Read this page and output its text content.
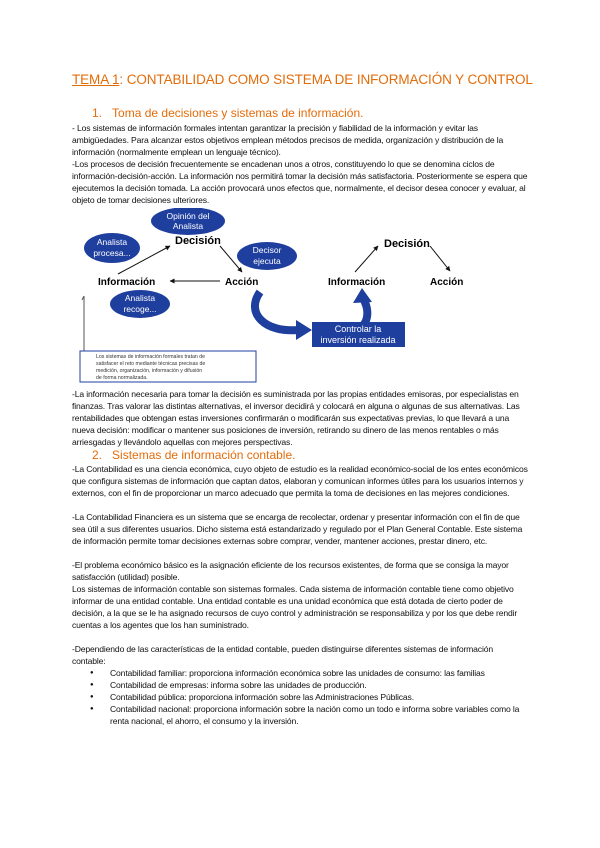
TEMA 1: CONTABILIDAD COMO SISTEMA DE INFORMACIÓN Y CONTROL
1. Toma de decisiones y sistemas de información.
- Los sistemas de información formales intentan garantizar la precisión y fiabilidad de la información y evitar las ambigüedades. Para alcanzar estos objetivos emplean métodos precisos de medida, organización y distribución de la información (normalmente emplean un lenguaje técnico).
-Los procesos de decisión frecuentemente se encadenan unos a otros, constituyendo lo que se denomina ciclos de información-decisión-acción. La información nos permitirá tomar la decisión más satisfactoria. Posteriormente se espera que ejecutemos la decisión tomada. La acción provocará unos efectos que, normalmente, el decisor desea conocer y evaluar, al objeto de tomar decisiones ulteriores.
Decisión
Información	Acción
Opinión del
Analista
Analista
procesa...	Decisor
ejecuta
Analista
recoge...
Decisión
Información	Acción
Controlar la
inversión realizada
Los sistemas de información formales tratan de
satisfacer el reto mediante técnicas precisas de
medición, organización, información y difusión
de forma normalizada.
-La información necesaria para tomar la decisión es suministrada por las propias entidades emisoras, por especialistas en finanzas. Tras valorar las distintas alternativas, el inversor decidirá y colocará en alguna o algunas de sus alternativas. Las rentabilidades que obtengan estas inversiones confirmarán o modificarán sus expectativas previas, lo que llevará a una nueva decisión: modificar o mantener sus posiciones de inversión, retirando su dinero de las menos rentables o más arriesgadas y llevándolo aquellas con mejores perspectivas.
2. Sistemas de información contable.
-La Contabilidad es una ciencia económica, cuyo objeto de estudio es la realidad económico-social de los entes económicos que configura sistemas de información que captan datos, elaboran y comunican informes útiles para los usuarios internos y externos, con el fin de proporcionar un marco adecuado que permita la toma de decisiones en las mejores condiciones.
-La Contabilidad Financiera es un sistema que se encarga de recolectar, ordenar y presentar información con el fin de que sea útil a sus diferentes usuarios. Dicho sistema está estandarizado y regulado por el Plan General Contable. Este sistema de información permite tomar decisiones externas sobre comprar, vender, mantener acciones, prestar dinero, etc.
-El problema económico básico es la asignación eficiente de los recursos existentes, de forma que se consiga la mayor satisfacción (utilidad) posible.
Los sistemas de información contable son sistemas formales. Cada sistema de información contable tiene como objetivo informar de una entidad contable. Una entidad contable es una unidad económica que está dotada de cierto poder de decisión, a la que se le ha asignado recursos de cuyo control y administración se responsabiliza y por los que debe rendir cuentas a los agentes que los han suministrado.
-Dependiendo de las características de la entidad contable, pueden distinguirse diferentes sistemas de información contable:
● Contabilidad familiar: proporciona información económica sobre las unidades de consumo: las familias
● Contabilidad de empresas: informa sobre las unidades de producción.
● Contabilidad pública: proporciona información sobre las Administraciones Públicas.
● Contabilidad nacional: proporciona información sobre la nación como un todo e informa sobre variables como la renta nacional, el ahorro, el consumo y la inversión.
